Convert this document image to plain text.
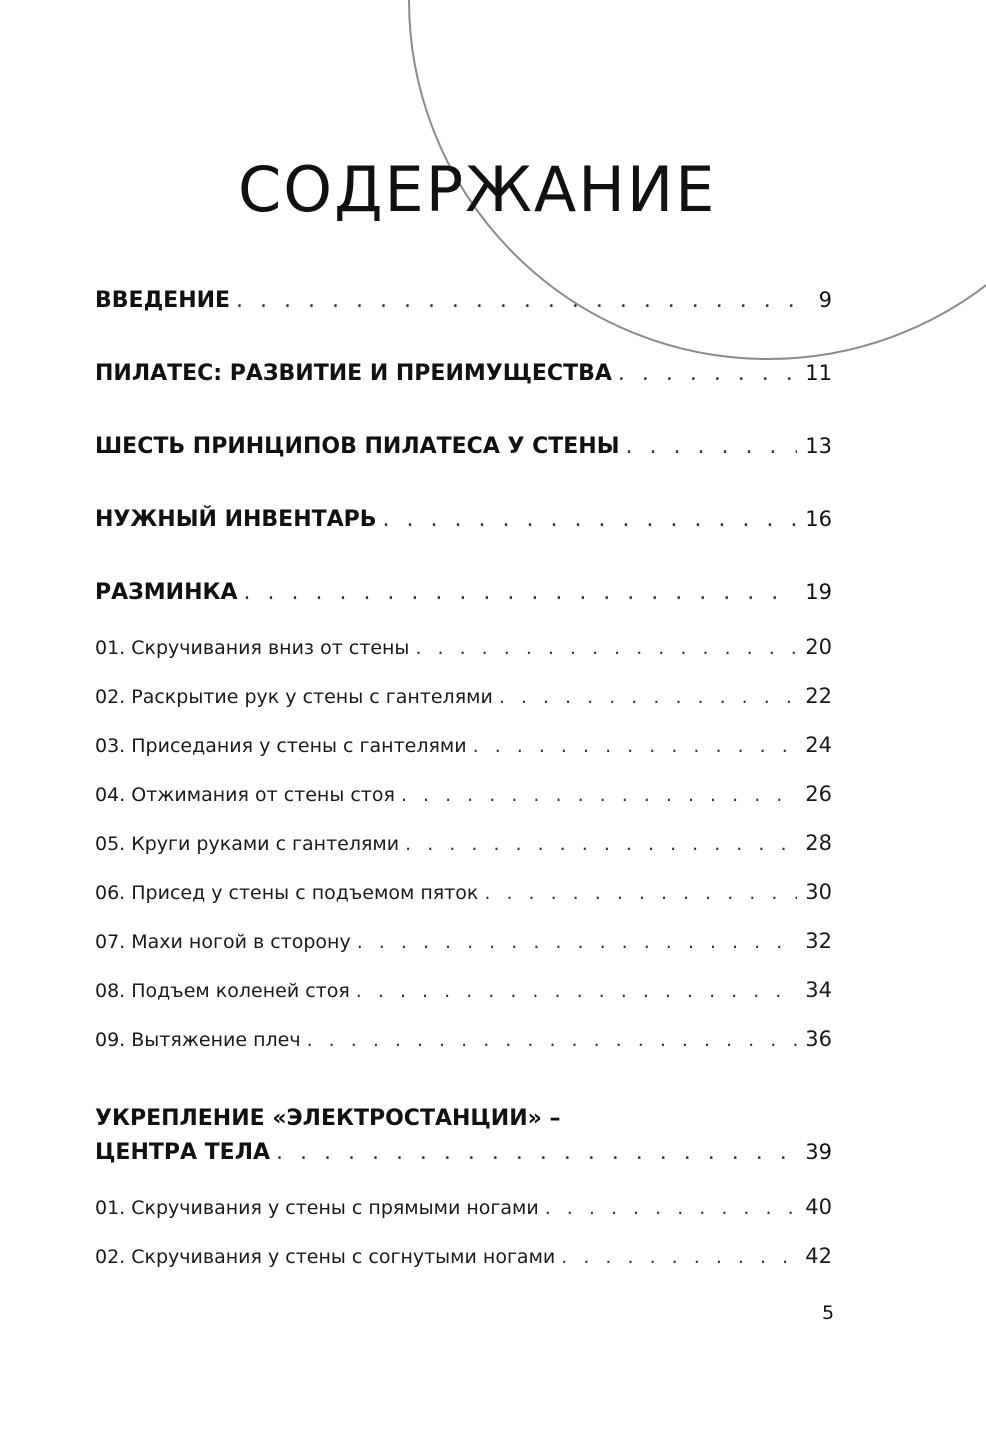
СОДЕРЖАНИЕ
ВВЕДЕНИЕ . . .	9
ПИЛАТЕС: РАЗВИТИЕ И ПРЕИМУЩЕСТВА . . .	11
ШЕСТЬ ПРИНЦИПОВ ПИЛАТЕСА У СТЕНЫ . . .	13
НУЖНЫЙ ИНВЕНТАРЬ . . .	16
РАЗМИНКА . . .	19
01. Скручивания вниз от стены . . .	20
02. Раскрытие рук у стены с гантелями . . .	22
03. Приседания у стены с гантелями . . .	24
04. Отжимания от стены стоя . . .	26
05. Круги руками с гантелями . . .	28
06. Присед у стены с подъемом пяток . . .	30
07. Махи ногой в сторону . . .	32
08. Подъем коленей стоя . . .	34
09. Вытяжение плеч . . .	36
УКРЕПЛЕНИЕ «ЭЛЕКТРОСТАНЦИИ» –
ЦЕНТРА ТЕЛА . . .	39
01. Скручивания у стены с прямыми ногами . . .	40
02. Скручивания у стены с согнутыми ногами . . .	42
5
